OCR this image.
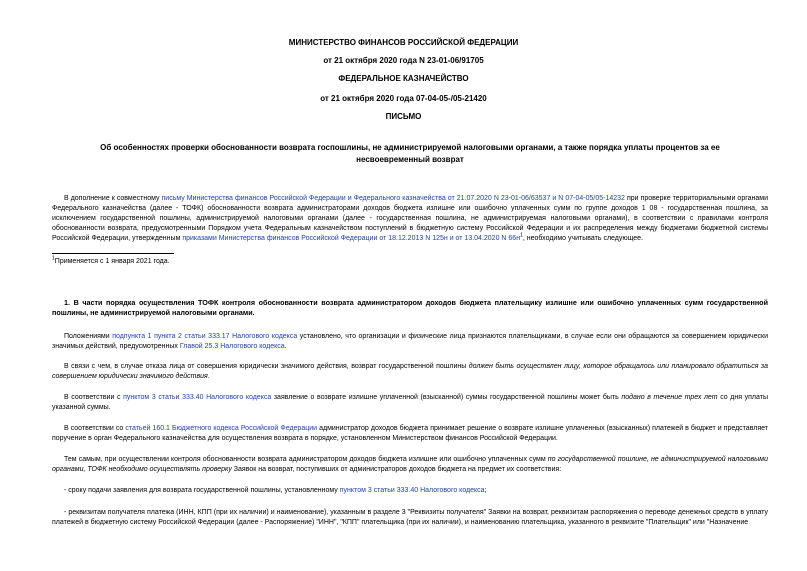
МИНИСТЕРСТВО ФИНАНСОВ РОССИЙСКОЙ ФЕДЕРАЦИИ
от 21 октября 2020 года N 23-01-06/91705
ФЕДЕРАЛЬНОЕ КАЗНАЧЕЙСТВО
от 21 октября 2020 года 07-04-05-/05-21420
ПИСЬМО
Об особенностях проверки обоснованности возврата госпошлины, не администрируемой налоговыми органами, а также порядка уплаты процентов за ее несвоевременный возврат
В дополнение к совместному письму Министерства финансов Российской Федерации и Федерального казначейства от 21.07.2020 N 23-01-06/63537 и N 07-04-05/05-14232 при проверке территориальными органами Федерального казначейства (далее - ТОФК) обоснованности возврата администраторами доходов бюджета излишне или ошибочно уплаченных сумм по группе доходов 1 08 - государственная пошлина, за исключением государственной пошлины, администрируемой налоговыми органами (далее - государственная пошлина, не администрируемая налоговыми органами), в соответствии с правилами контроля обоснованности возврата, предусмотренными Порядком учета Федеральным казначейством поступлений в бюджетную систему Российской Федерации и их распределения между бюджетами бюджетной системы Российской Федерации, утвержденным приказами Министерства финансов Российской Федерации от 18.12.2013 N 125н и от 13.04.2020 N 66н$^1$, необходимо учитывать следующее.
$^1$Применяется с 1 января 2021 года.
1. В части порядка осуществления ТОФК контроля обоснованности возврата администратором доходов бюджета плательщику излишне или ошибочно уплаченных сумм государственной пошлины, не администрируемой налоговыми органами.
Положениями подпункта 1 пункта 2 статьи 333.17 Налогового кодекса установлено, что организации и физические лица признаются плательщиками, в случае если они обращаются за совершением юридически значимых действий, предусмотренных Главой 25.3 Налогового кодекса.
В связи с чем, в случае отказа лица от совершения юридически значимого действия, возврат государственной пошлины должен быть осуществлен лицу, которое обращалось или планировало обратиться за совершением юридически значимого действия.
В соответствии с пунктом 3 статьи 333.40 Налогового кодекса заявление о возврате излишне уплаченной (взысканной) суммы государственной пошлины может быть подано в течение трех лет со дня уплаты указанной суммы.
В соответствии со статьей 160.1 Бюджетного кодекса Российской Федерации администратор доходов бюджета принимает решение о возврате излишне уплаченных (взысканных) платежей в бюджет и представляет поручение в орган Федерального казначейства для осуществления возврата в порядке, установленном Министерством финансов Российской Федерации.
Тем самым, при осуществлении контроля обоснованности возврата администратором доходов бюджета излишне или ошибочно уплаченных сумм по государственной пошлине, не администрируемой налоговыми органами, ТОФК необходимо осуществлять проверку Заявок на возврат, поступивших от администраторов доходов бюджета на предмет их соответствия:
- сроку подачи заявления для возврата государственной пошлины, установленному пунктом 3 статьи 333.40 Налогового кодекса;
- реквизитам получателя платежа (ИНН, КПП (при их наличии) и наименование), указанным в разделе 3 "Реквизиты получателя" Заявки на возврат, реквизитам распоряжения о переводе денежных средств в уплату платежей в бюджетную систему Российской Федерации (далее - Распоряжение) "ИНН", "КПП" плательщика (при их наличии), и наименованию плательщика, указанного в реквизите "Плательщик" или "Назначение
